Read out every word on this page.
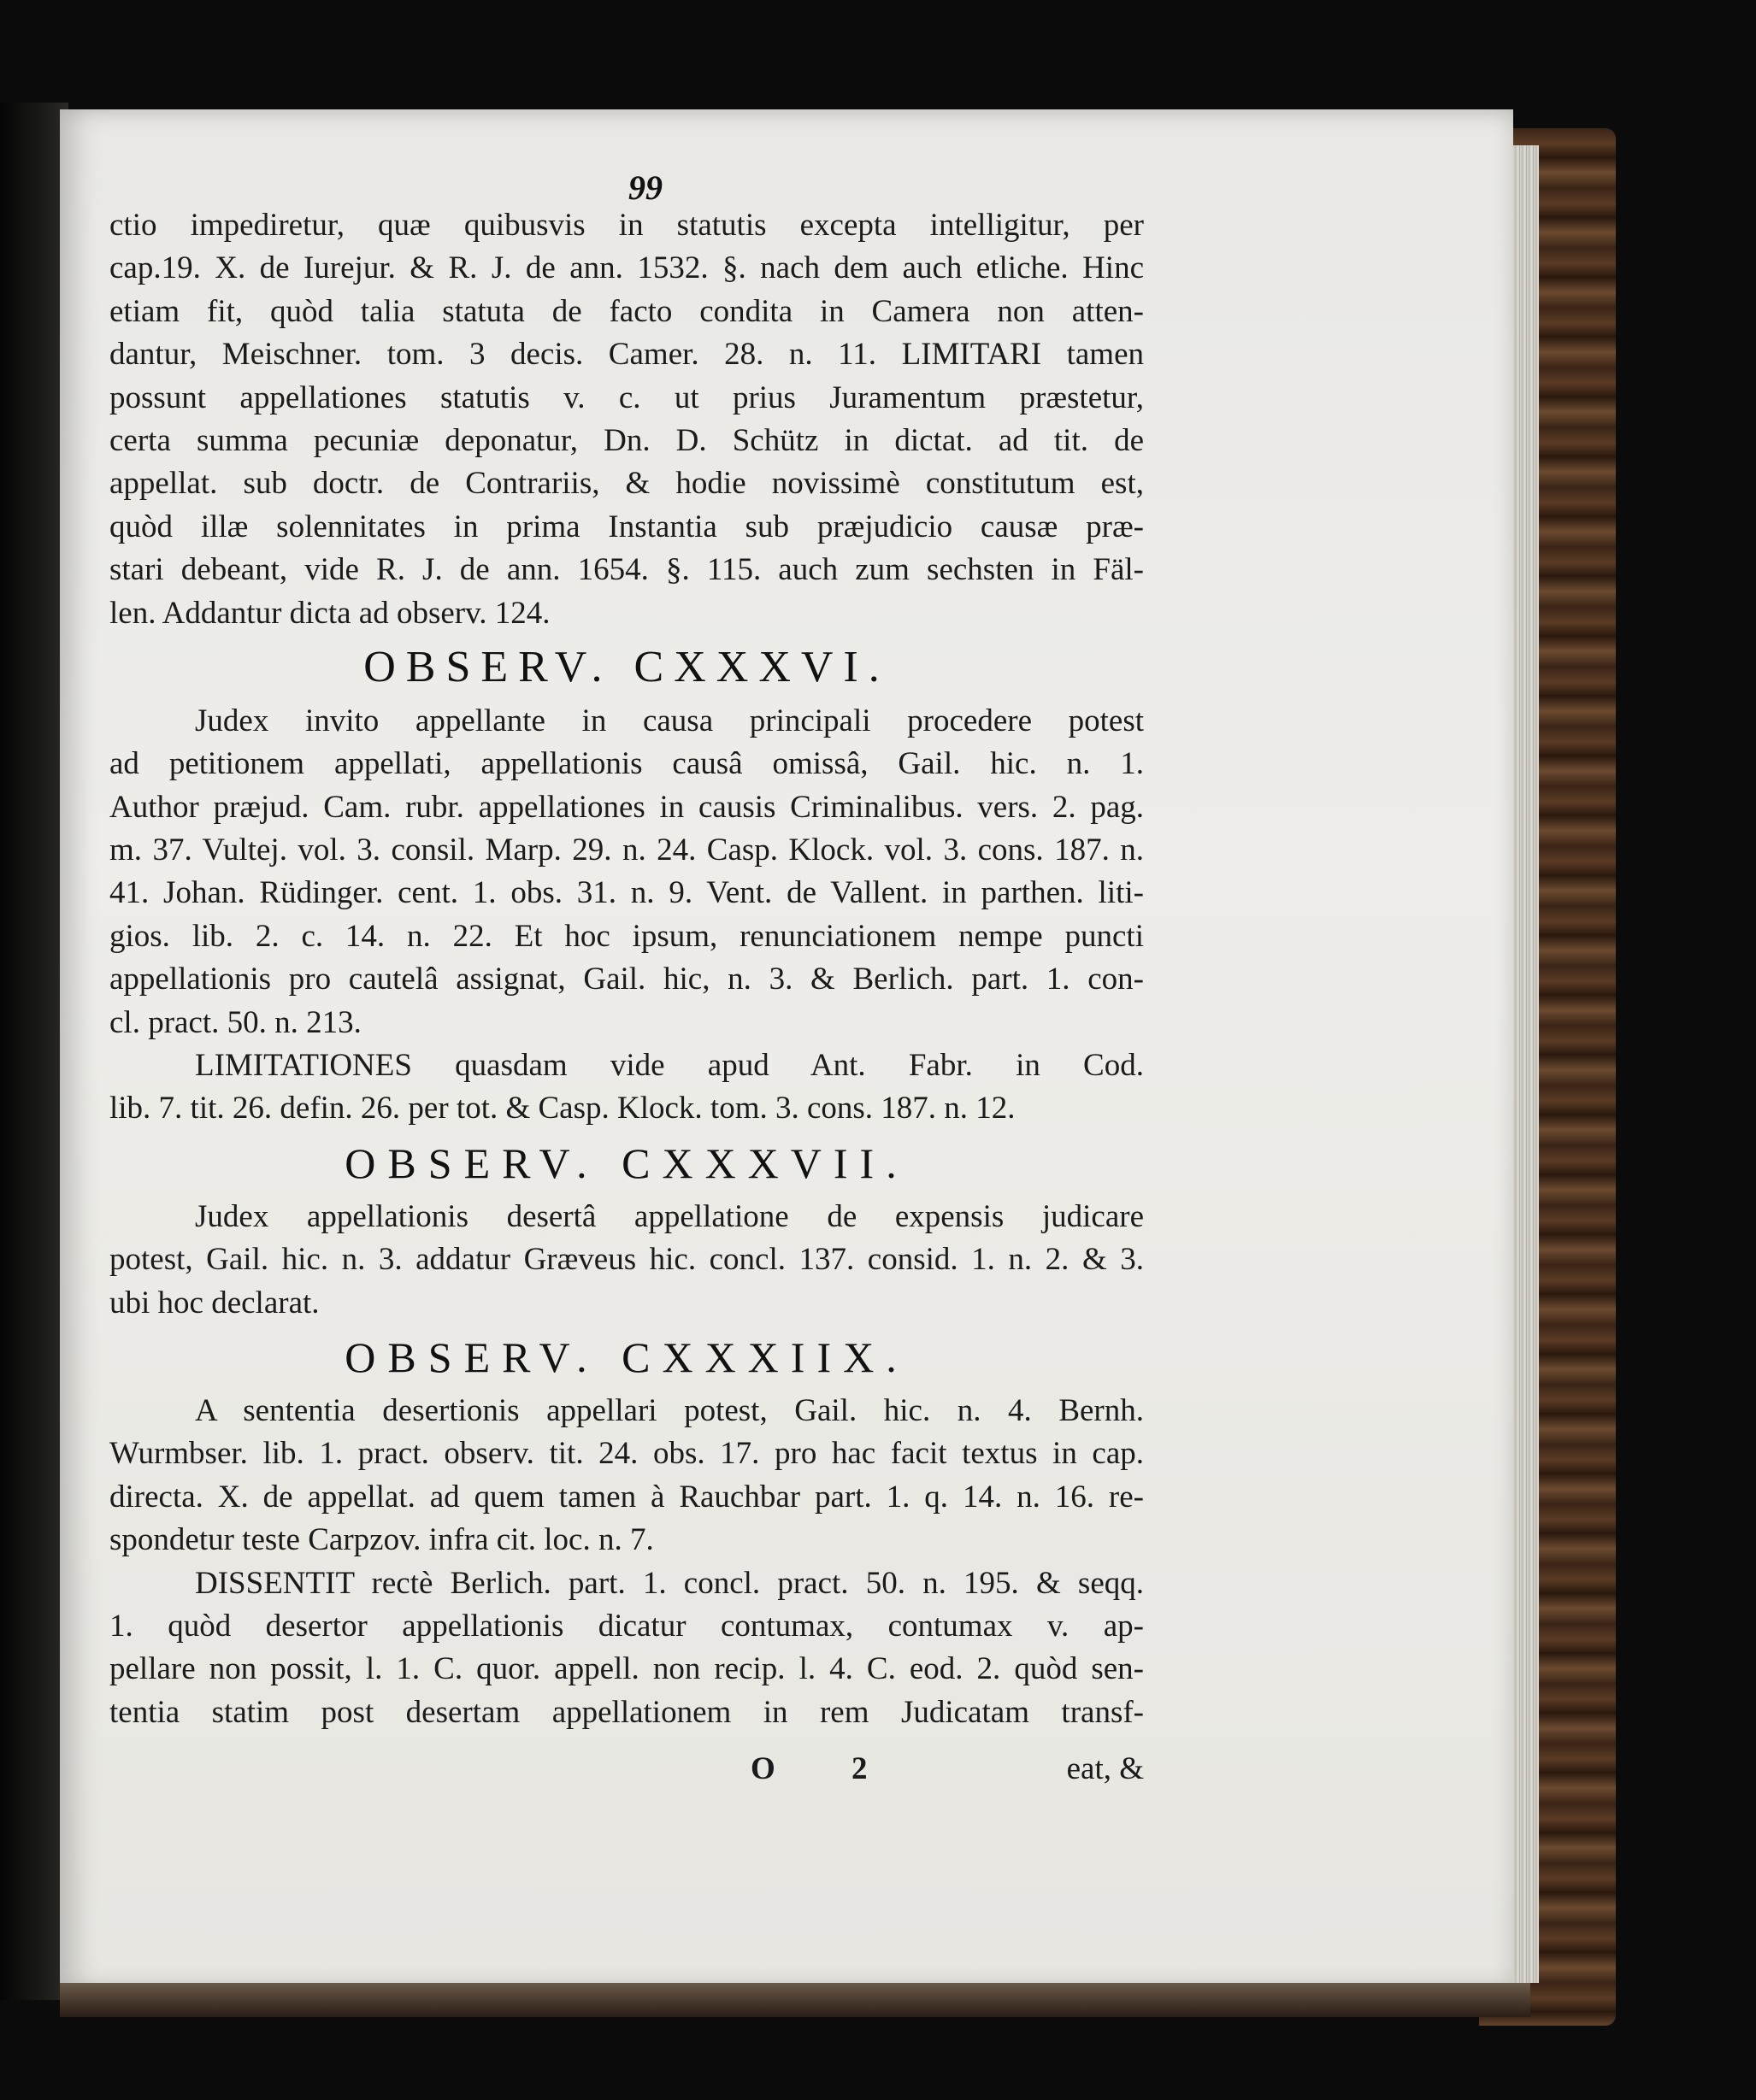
99
ctio impediretur, quæ quibusvis in statutis excepta intelligitur, per
cap.19. X. de Iurejur. & R. J. de ann. 1532. §. nach dem auch etliche. Hinc
etiam fit, quòd talia statuta de facto condita in Camera non atten-
dantur, Meischner. tom. 3 decis. Camer. 28. n. 11. LIMITARI tamen
possunt appellationes statutis v. c. ut prius Juramentum præstetur,
certa summa pecuniæ deponatur, Dn. D. Schütz in dictat. ad tit. de
appellat. sub doctr. de Contrariis, & hodie novissimè constitutum est,
quòd illæ solennitates in prima Instantia sub præjudicio causæ præ-
stari debeant, vide R. J. de ann. 1654. §. 115. auch zum sechsten in Fäl-
len. Addantur dicta ad observ. 124.
OBSERV. CXXXVI.
Judex invito appellante in causa principali procedere potest
ad petitionem appellati, appellationis causâ omissâ, Gail. hic. n. 1.
Author præjud. Cam. rubr. appellationes in causis Criminalibus. vers. 2. pag.
m. 37. Vultej. vol. 3. consil. Marp. 29. n. 24. Casp. Klock. vol. 3. cons. 187. n.
41. Johan. Rüdinger. cent. 1. obs. 31. n. 9. Vent. de Vallent. in parthen. liti-
gios. lib. 2. c. 14. n. 22. Et hoc ipsum, renunciationem nempe puncti
appellationis pro cautelâ assignat, Gail. hic, n. 3. & Berlich. part. 1. con-
cl. pract. 50. n. 213.
LIMITATIONES quasdam vide apud Ant. Fabr. in Cod.
lib. 7. tit. 26. defin. 26. per tot. & Casp. Klock. tom. 3. cons. 187. n. 12.
OBSERV. CXXXVII.
Judex appellationis desertâ appellatione de expensis judicare
potest, Gail. hic. n. 3. addatur Græveus hic. concl. 137. consid. 1. n. 2. & 3.
ubi hoc declarat.
OBSERV. CXXXIIX.
A sententia desertionis appellari potest, Gail. hic. n. 4. Bernh.
Wurmbser. lib. 1. pract. observ. tit. 24. obs. 17. pro hac facit textus in cap.
directa. X. de appellat. ad quem tamen à Rauchbar part. 1. q. 14. n. 16. re-
spondetur teste Carpzov. infra cit. loc. n. 7.
DISSENTIT rectè Berlich. part. 1. concl. pract. 50. n. 195. & seqq.
1. quòd desertor appellationis dicatur contumax, contumax v. ap-
pellare non possit, l. 1. C. quor. appell. non recip. l. 4. C. eod. 2. quòd sen-
tentia statim post desertam appellationem in rem Judicatam transf-
O 2	eat, &
